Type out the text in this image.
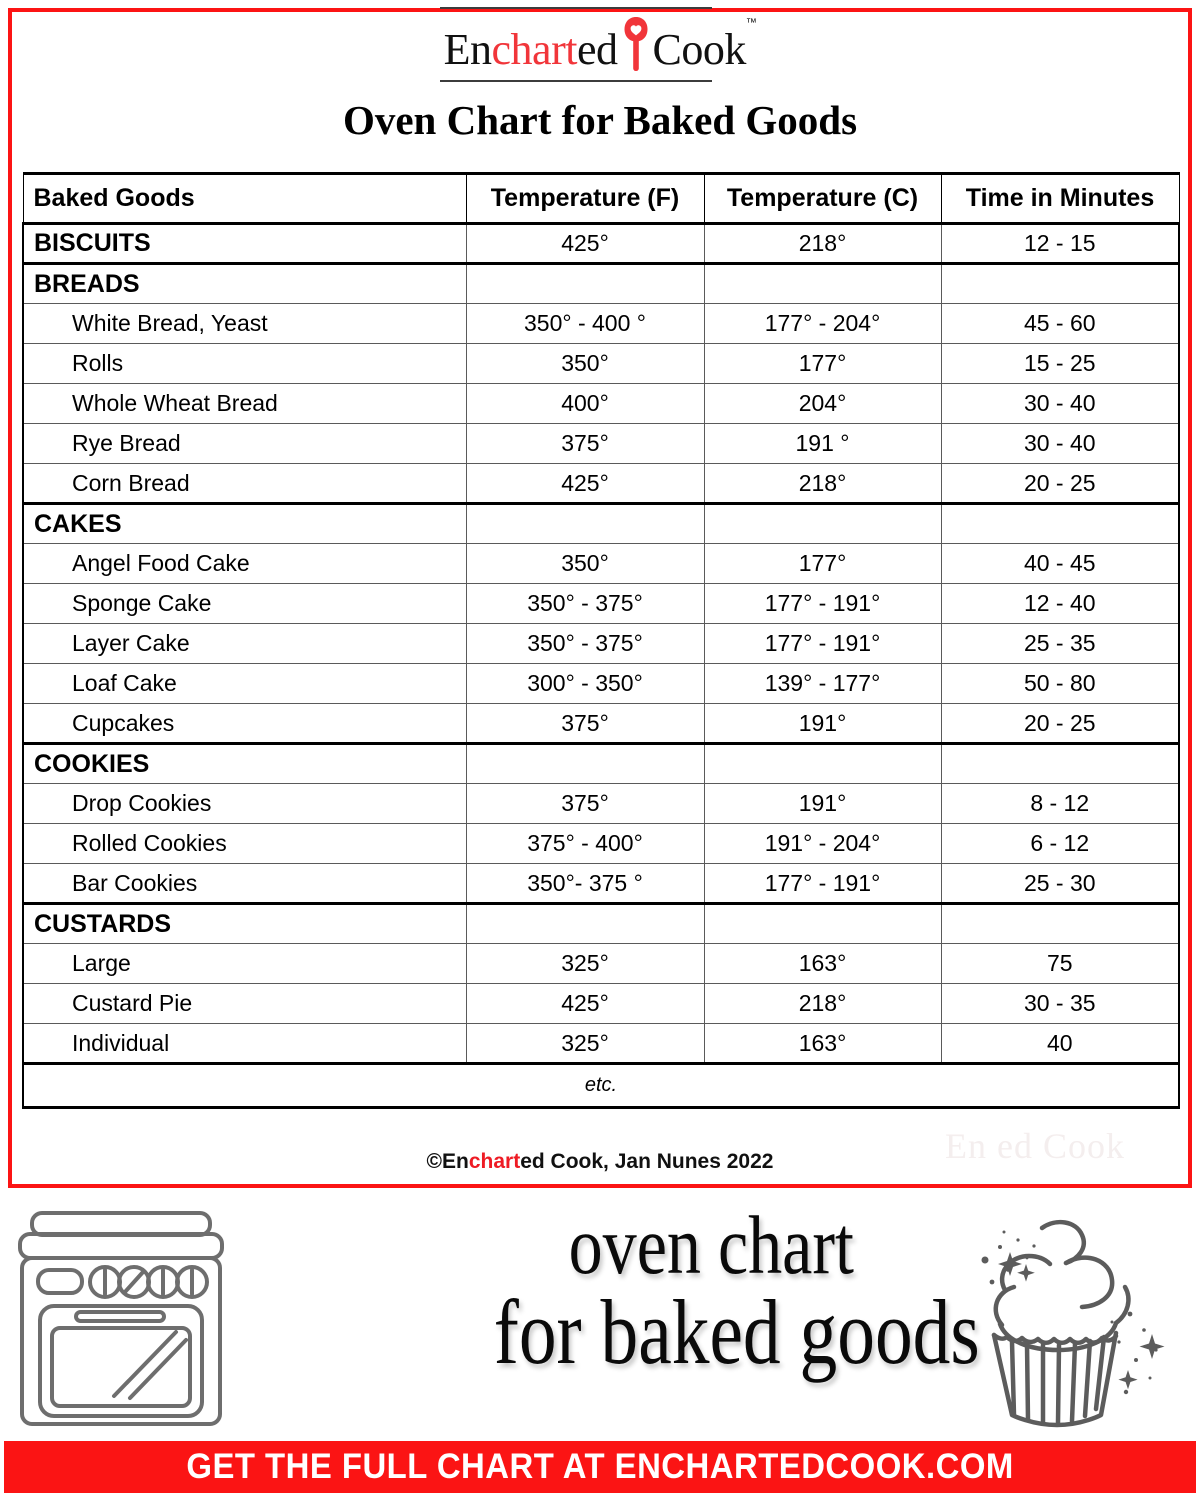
En chart ed Cook
™
Oven Chart for Baked Goods
Baked Goods	Temperature (F)	Temperature (C)	Time in Minutes
BISCUITS	425°	218°	12 - 15
BREADS			
White Bread, Yeast	350° - 400 °	177° - 204°	45 - 60
Rolls	350°	177°	15 - 25
Whole Wheat Bread	400°	204°	30 - 40
Rye Bread	375°	191 °	30 - 40
Corn Bread	425°	218°	20 - 25
CAKES			
Angel Food Cake	350°	177°	40 - 45
Sponge Cake	350° - 375°	177° - 191°	12 - 40
Layer Cake	350° - 375°	177° - 191°	25 - 35
Loaf Cake	300° - 350°	139° - 177°	50 - 80
Cupcakes	375°	191°	20 - 25
COOKIES			
Drop Cookies	375°	191°	8 - 12
Rolled Cookies	375° - 400°	191° - 204°	6 - 12
Bar Cookies	350°- 375 °	177° - 191°	25 - 30
CUSTARDS			
Large	325°	163°	75
Custard Pie	425°	218°	30 - 35
Individual	325°	163°	40
etc.			
En ed Cook
©Encharted Cook, Jan Nunes 2022
oven chart
for baked goods
GET THE FULL CHART AT ENCHARTEDCOOK.COM
